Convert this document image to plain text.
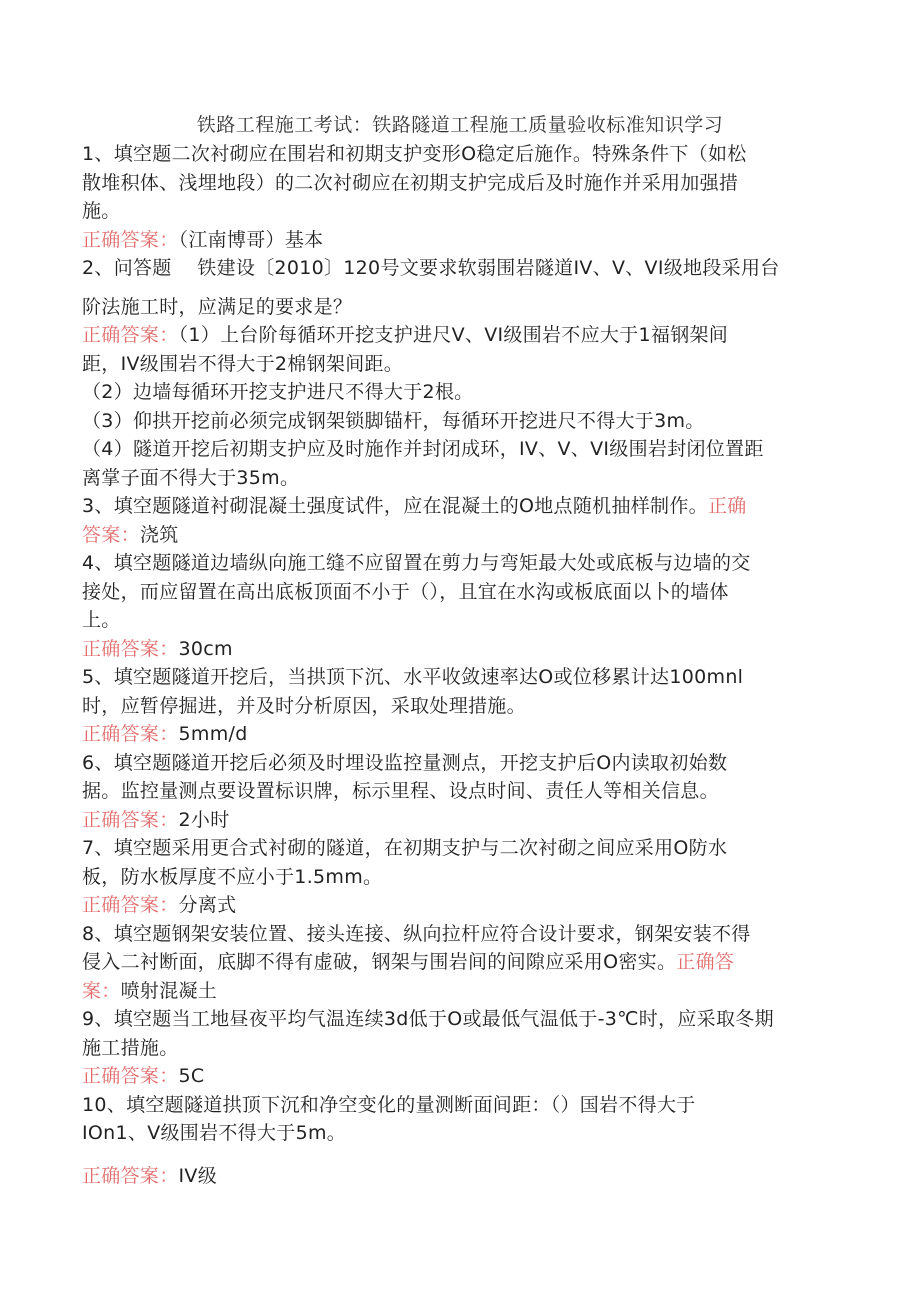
铁路工程施工考试：铁路隧道工程施工质量验收标准知识学习
1、填空题二次衬砌应在围岩和初期支护变形O稳定后施作。特殊条件下（如松
散堆积体、浅埋地段）的二次衬砌应在初期支护完成后及时施作并采用加强措
施。
正确答案：（江南博哥）基本
2、问答题　 铁建设〔2010〕120号文要求软弱围岩隧道IV、V、VI级地段采用台
阶法施工时，应满足的要求是？
正确答案：（1）上台阶每循环开挖支护进尺V、VI级围岩不应大于1福钢架间
距，IV级围岩不得大于2棉钢架间距。
（2）边墙每循环开挖支护进尺不得大于2根。
（3）仰拱开挖前必须完成钢架锁脚锚杆，每循环开挖进尺不得大于3m。
（4）隧道开挖后初期支护应及时施作并封闭成环，IV、V、VI级围岩封闭位置距
离掌子面不得大于35m。
3、填空题隧道衬砌混凝土强度试件，应在混凝土的O地点随机抽样制作。正确
答案：浇筑
4、填空题隧道边墙纵向施工缝不应留置在剪力与弯矩最大处或底板与边墙的交
接处，而应留置在高出底板顶面不小于（），且宜在水沟或板底面以卜的墙体
上。
正确答案：30cm
5、填空题隧道开挖后，当拱顶下沉、水平收敛速率达O或位移累计达100mnl
时，应暂停掘进，并及时分析原因，采取处理措施。
正确答案：5mm∕d
6、填空题隧道开挖后必须及时埋设监控量测点，开挖支护后O内读取初始数
据。监控量测点要设置标识牌，标示里程、设点时间、责任人等相关信息。
正确答案：2小时
7、填空题采用更合式衬砌的隧道，在初期支护与二次衬砌之间应采用O防水
板，防水板厚度不应小于1.5mm。
正确答案：分离式
8、填空题钢架安装位置、接头连接、纵向拉杆应符合设计要求，钢架安装不得
侵入二衬断面，底脚不得有虚破，钢架与围岩间的间隙应采用O密实。正确答
案：喷射混凝土
9、填空题当工地昼夜平均气温连续3d低于O或最低气温低于-3℃时，应采取冬期
施工措施。
正确答案：5C
10、填空题隧道拱顶下沉和净空变化的量测断面间距：（）国岩不得大于
IOn1、V级围岩不得大于5m。
正确答案：IV级
